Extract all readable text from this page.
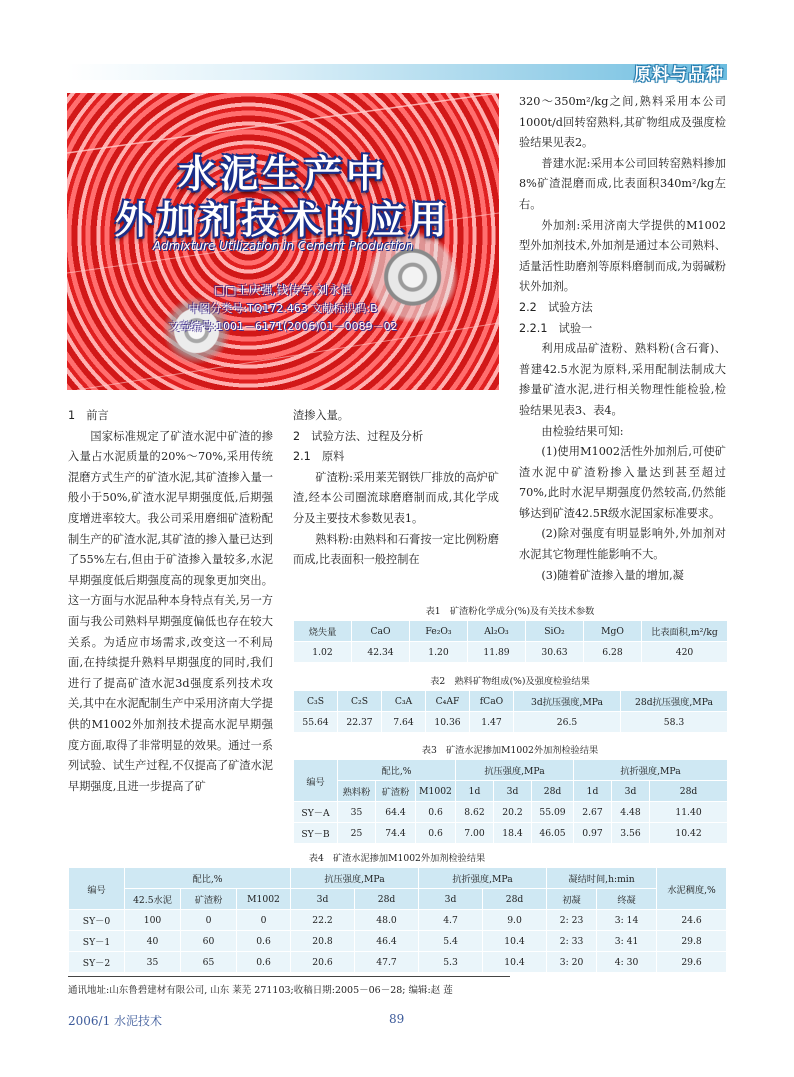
原料与品种
水泥生产中
外加剂技术的应用
Admixture Utilization in Cement Production
□□王庆强,钱传亭,刘永恒
中图分类号:TQ172.463 文献标识码:B
文章编号:1001－6171(2006)01－0089－02

1　前言

国家标准规定了矿渣水泥中矿渣的掺入量占水泥质量的20%～70%,采用传统混磨方式生产的矿渣水泥,其矿渣掺入量一般小于50%,矿渣水泥早期强度低,后期强度增进率较大。我公司采用磨细矿渣粉配制生产的矿渣水泥,其矿渣的掺入量已达到了55%左右,但由于矿渣掺入量较多,水泥早期强度低后期强度高的现象更加突出。这一方面与水泥品种本身特点有关,另一方面与我公司熟料早期强度偏低也存在较大关系。为适应市场需求,改变这一不利局面,在持续提升熟料早期强度的同时,我们进行了提高矿渣水泥3d强度系列技术攻关,其中在水泥配制生产中采用济南大学提供的M1002外加剂技术提高水泥早期强度方面,取得了非常明显的效果。通过一系列试验、试生产过程,不仅提高了矿渣水泥早期强度,且进一步提高了矿

渣掺入量。

2　试验方法、过程及分析

2.1　原料

矿渣粉:采用莱芜钢铁厂排放的高炉矿渣,经本公司圈流球磨磨制而成,其化学成分及主要技术参数见表1。

熟料粉:由熟料和石膏按一定比例粉磨而成,比表面积一般控制在

320～350m²/kg之间,熟料采用本公司1000t/d回转窑熟料,其矿物组成及强度检验结果见表2。

普建水泥:采用本公司回转窑熟料掺加8%矿渣混磨而成,比表面积340m²/kg左右。

外加剂:采用济南大学提供的M1002型外加剂技术,外加剂是通过本公司熟料、适量活性助磨剂等原料磨制而成,为弱碱粉状外加剂。

2.2　试验方法

2.2.1　试验一

利用成品矿渣粉、熟料粉(含石膏)、普建42.5水泥为原料,采用配制法制成大掺量矿渣水泥,进行相关物理性能检验,检验结果见表3、表4。

由检验结果可知:

(1)使用M1002活性外加剂后,可使矿渣水泥中矿渣粉掺入量达到甚至超过70%,此时水泥早期强度仍然较高,仍然能够达到矿渣42.5R级水泥国家标准要求。

(2)除对强度有明显影响外,外加剂对水泥其它物理性能影响不大。

(3)随着矿渣掺入量的增加,凝

表1　矿渣粉化学成分(%)及有关技术参数
烧失量	CaO	Fe₂O₃	Al₂O₃	SiO₂	MgO	比表面积,m²/kg
1.02	42.34	1.20	11.89	30.63	6.28	420
表2　熟料矿物组成(%)及强度检验结果
C₃S	C₂S	C₃A	C₄AF	fCaO	3d抗压强度,MPa	28d抗压强度,MPa
55.64	22.37	7.64	10.36	1.47	26.5	58.3
表3　矿渣水泥掺加M1002外加剂检验结果
编号	配比,%			抗压强度,MPa			抗折强度,MPa		
	熟料粉	矿渣粉	M1002	1d	3d	28d	1d	3d	28d
SY－A	35	64.4	0.6	8.62	20.2	55.09	2.67	4.48	11.40
SY－B	25	74.4	0.6	7.00	18.4	46.05	0.97	3.56	10.42
表4　矿渣水泥掺加M1002外加剂检验结果
编号	配比,%			抗压强度,MPa		抗折强度,MPa		凝结时间,h:min		水泥稠度,%
	42.5水泥	矿渣粉	M1002	3d	28d	3d	28d	初凝	终凝	
SY－0	100	0	0	22.2	48.0	4.7	9.0	2: 23	3: 14	24.6
SY－1	40	60	0.6	20.8	46.4	5.4	10.4	2: 33	3: 41	29.8
SY－2	35	65	0.6	20.6	47.7	5.3	10.4	3: 20	4: 30	29.6
通讯地址:山东鲁碧建材有限公司, 山东 莱芜 271103;收稿日期:2005－06－28; 编辑:赵 莲
2006/1 水泥技术	89
